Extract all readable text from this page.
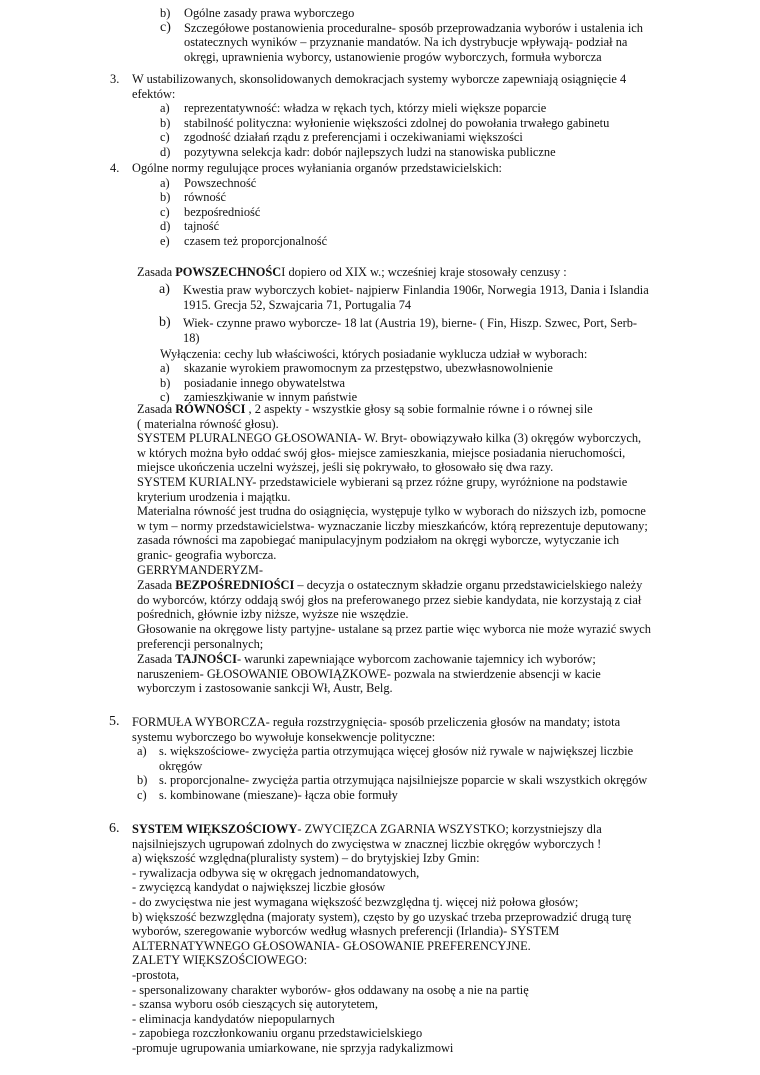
b)	Ogólne zasady prawa wyborczego
c)	Szczegółowe postanowienia proceduralne- sposób przeprowadzania wyborów i ustalenia ich
ostatecznych wyników – przyznanie mandatów. Na ich dystrybucje wpływają- podział na
okręgi, uprawnienia wyborcy, ustanowienie progów wyborczych, formuła wyborcza
3.	W ustabilizowanych, skonsolidowanych demokracjach systemy wyborcze zapewniają osiągnięcie 4
efektów:
a)	reprezentatywność: władza w rękach tych, którzy mieli większe poparcie
b)	stabilność polityczna: wyłonienie większości zdolnej do powołania trwałego gabinetu
c)	zgodność działań rządu z preferencjami i oczekiwaniami większości
d)	pozytywna selekcja kadr: dobór najlepszych ludzi na stanowiska publiczne
4.	Ogólne normy regulujące proces wyłaniania organów przedstawicielskich:
a)	Powszechność
b)	równość
c)	bezpośredniość
d)	tajność
e)	czasem też proporcjonalność

Zasada POWSZECHNOŚCI dopiero od XIX w.; wcześniej kraje stosowały cenzusy :

a)	Kwestia praw wyborczych kobiet- najpierw Finlandia 1906r, Norwegia 1913, Dania i Islandia
1915. Grecja 52, Szwajcaria 71, Portugalia 74
b) Wiek- czynne prawo wyborcze- 18 lat (Austria 19), bierne- ( Fin, Hiszp. Szwec, Port, Serb-
18)

Wyłączenia: cechy lub właściwości, których posiadanie wyklucza udział w wyborach:

a)	skazanie wyrokiem prawomocnym za przestępstwo, ubezwłasnowolnienie
b)	posiadanie innego obywatelstwa
c)	zamieszkiwanie w innym państwie

Zasada RÓWNOŚCI , 2 aspekty - wszystkie głosy są sobie formalnie równe i o równej sile

( materialna równość głosu).

SYSTEM PLURALNEGO GŁOSOWANIA- W. Bryt- obowiązywało kilka (3) okręgów wyborczych,

w których można było oddać swój głos- miejsce zamieszkania, miejsce posiadania nieruchomości,

miejsce ukończenia uczelni wyższej, jeśli się pokrywało, to głosowało się dwa razy.

SYSTEM KURIALNY- przedstawiciele wybierani są przez różne grupy, wyróżnione na podstawie

kryterium urodzenia i majątku.

Materialna równość jest trudna do osiągnięcia, występuje tylko w wyborach do niższych izb, pomocne

w tym – normy przedstawicielstwa- wyznaczanie liczby mieszkańców, którą reprezentuje deputowany;

zasada równości ma zapobiegać manipulacyjnym podziałom na okręgi wyborcze, wytyczanie ich

granic- geografia wyborcza.

GERRYMANDERYZM-

Zasada BEZPOŚREDNIOŚCI – decyzja o ostatecznym składzie organu przedstawicielskiego należy

do wyborców, którzy oddają swój głos na preferowanego przez siebie kandydata, nie korzystają z ciał

pośrednich, głównie izby niższe, wyższe nie wszędzie.

Głosowanie na okręgowe listy partyjne- ustalane są przez partie więc wyborca nie może wyrazić swych

preferencji personalnych;

Zasada TAJNOŚCI- warunki zapewniające wyborcom zachowanie tajemnicy ich wyborów;

naruszeniem- GŁOSOWANIE OBOWIĄZKOWE- pozwala na stwierdzenie absencji w kacie

wyborczym i zastosowanie sankcji Wł, Austr, Belg.

5.	FORMUŁA WYBORCZA- reguła rozstrzygnięcia- sposób przeliczenia głosów na mandaty; istota
systemu wyborczego bo wywołuje konsekwencje polityczne:
a) s. większościowe- zwycięża partia otrzymująca więcej głosów niż rywale w największej liczbie
okręgów
b) s. proporcjonalne- zwycięża partia otrzymująca najsilniejsze poparcie w skali wszystkich okręgów
c) s. kombinowane (mieszane)- łącza obie formuły
6.	SYSTEM WIĘKSZOŚCIOWY- ZWYCIĘZCA ZGARNIA WSZYSTKO; korzystniejszy dla

najsilniejszych ugrupowań zdolnych do zwycięstwa w znacznej liczbie okręgów wyborczych !

a) większość względna(pluralisty system) – do brytyjskiej Izby Gmin:

- rywalizacja odbywa się w okręgach jednomandatowych,

- zwycięzcą kandydat o największej liczbie głosów

- do zwycięstwa nie jest wymagana większość bezwzględna tj. więcej niż połowa głosów;

b) większość bezwzględna (majoraty system), często by go uzyskać trzeba przeprowadzić drugą turę

wyborów, szeregowanie wyborców według własnych preferencji (Irlandia)- SYSTEM

ALTERNATYWNEGO GŁOSOWANIA- GŁOSOWANIE PREFERENCYJNE.

ZALETY WIĘKSZOŚCIOWEGO:

-prostota,

- spersonalizowany charakter wyborów- głos oddawany na osobę a nie na partię

- szansa wyboru osób cieszących się autorytetem,

- eliminacja kandydatów niepopularnych

- zapobiega rozczłonkowaniu organu przedstawicielskiego

-promuje ugrupowania umiarkowane, nie sprzyja radykalizmowi
